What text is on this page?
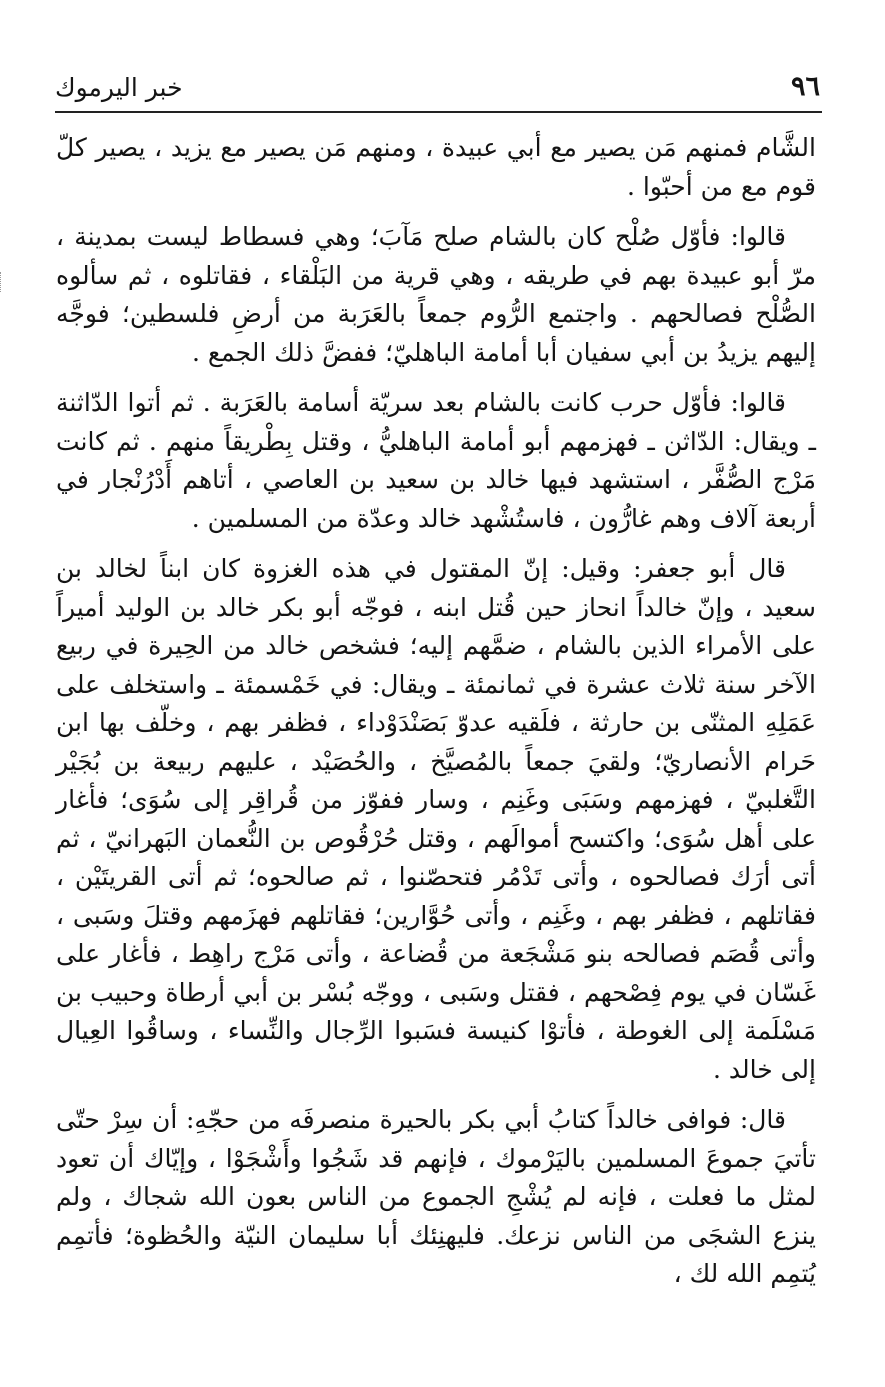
٩٦
خبر اليرموك

الشَّام فمنهم مَن يصير مع أبي عبيدة ، ومنهم مَن يصير مع يزيد ، يصير كلّ قوم مع من أحبّوا .

قالوا: فأوّل صُلْح كان بالشام صلح مَآبَ؛ وهي فسطاط ليست بمدينة ، مرّ أبو عبيدة بهم في طريقه ، وهي قرية من البَلْقاء ، فقاتلوه ، ثم سألوه الصُّلْح فصالحهم . واجتمع الرُّوم جمعاً بالعَرَبة من أرضِ فلسطين؛ فوجَّه إليهم يزيدُ بن أبي سفيان أبا أمامة الباهليّ؛ ففضَّ ذلك الجمع .

قالوا: فأوّل حرب كانت بالشام بعد سريّة أسامة بالعَرَبة . ثم أتوا الدّاثنة ـ ويقال: الدّاثن ـ فهزمهم أبو أمامة الباهليُّ ، وقتل بِطْريقاً منهم . ثم كانت مَرْج الصُّفَّر ، استشهد فيها خالد بن سعيد بن العاصي ، أتاهم أَدْرُنْجار في أربعة آلاف وهم غارُّون ، فاستُشْهد خالد وعدّة من المسلمين .

قال أبو جعفر: وقيل: إنّ المقتول في هذه الغزوة كان ابناً لخالد بن سعيد ، وإنّ خالداً انحاز حين قُتل ابنه ، فوجّه أبو بكر خالد بن الوليد أميراً على الأمراء الذين بالشام ، ضمَّهم إليه؛ فشخص خالد من الحِيرة في ربيع الآخر سنة ثلاث عشرة في ثمانمئة ـ ويقال: في خَمْسمئة ـ واستخلف على عَمَلِهِ المثنّى بن حارثة ، فلَقيه عدوّ بَصَنْدَوْداء ، فظفر بهم ، وخلّف بها ابن حَرام الأنصاريّ؛ ولقيَ جمعاً بالمُصيَّخ ، والحُصَيْد ، عليهم ربيعة بن بُجَيْر التَّغلبيّ ، فهزمهم وسَبَى وغَنِم ، وسار ففوّز من قُراقِر إلى سُوَى؛ فأغار على أهل سُوَى؛ واكتسح أموالَهم ، وقتل حُرْقُوص بن النُّعمان البَهرانيّ ، ثم أتى أرَك فصالحوه ، وأتى تَدْمُر فتحصّنوا ، ثم صالحوه؛ ثم أتى القريتَيْن ، فقاتلهم ، فظفر بهم ، وغَنِم ، وأتى حُوَّارين؛ فقاتلهم فهزَمهم وقتلَ وسَبى ، وأتى قُصَم فصالحه بنو مَشْجَعة من قُضاعة ، وأتى مَرْج راهِط ، فأغار على غَسّان في يوم فِصْحهم ، فقتل وسَبى ، ووجّه بُسْر بن أبي أرطاة وحبيب بن مَسْلَمة إلى الغوطة ، فأتوْا كنيسة فسَبوا الرِّجال والنِّساء ، وساقُوا العِيال إلى خالد .

قال: فوافى خالداً كتابُ أبي بكر بالحيرة منصرفَه من حجّهِ: أن سِرْ حتّى تأتيَ جموعَ المسلمين باليَرْموك ، فإنهم قد شَجُوا وأَشْجَوْا ، وإيّاك أن تعود لمثل ما فعلت ، فإنه لم يُشْجِ الجموع من الناس بعون الله شجاك ، ولم ينزع الشجَى من الناس نزعك. فليهنِئك أبا سليمان النيّة والحُظوة؛ فأتمِم يُتمِم الله لك ،
